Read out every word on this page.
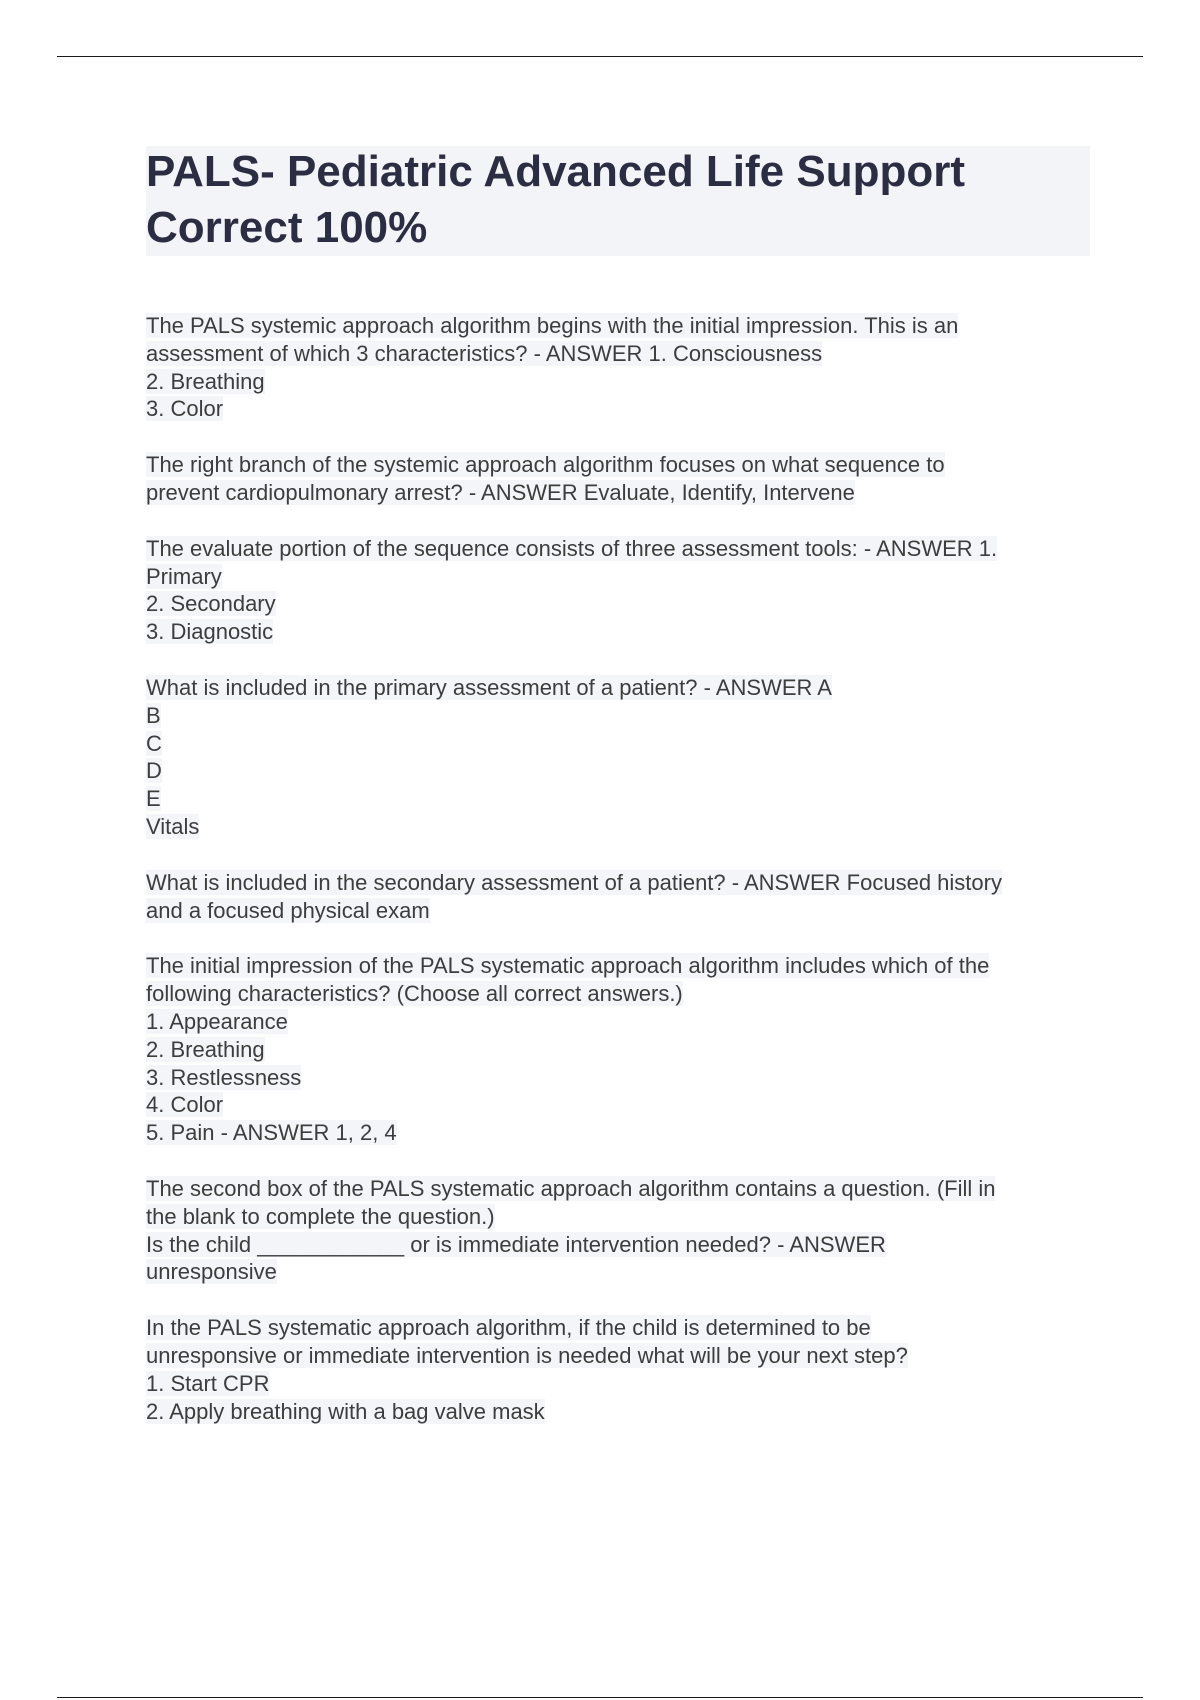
PALS- Pediatric Advanced Life Support
Correct 100%
The PALS systemic approach algorithm begins with the initial impression. This is an
assessment of which 3 characteristics? - ANSWER 1. Consciousness
2. Breathing
3. Color
The right branch of the systemic approach algorithm focuses on what sequence to
prevent cardiopulmonary arrest? - ANSWER Evaluate, Identify, Intervene
The evaluate portion of the sequence consists of three assessment tools: - ANSWER 1.
Primary
2. Secondary
3. Diagnostic
What is included in the primary assessment of a patient? - ANSWER A
B
C
D
E
Vitals
What is included in the secondary assessment of a patient? - ANSWER Focused history
and a focused physical exam
The initial impression of the PALS systematic approach algorithm includes which of the
following characteristics? (Choose all correct answers.)
1. Appearance
2. Breathing
3. Restlessness
4. Color
5. Pain - ANSWER 1, 2, 4
The second box of the PALS systematic approach algorithm contains a question. (Fill in
the blank to complete the question.)
Is the child ____________ or is immediate intervention needed? - ANSWER
unresponsive
In the PALS systematic approach algorithm, if the child is determined to be
unresponsive or immediate intervention is needed what will be your next step?
1. Start CPR
2. Apply breathing with a bag valve mask
